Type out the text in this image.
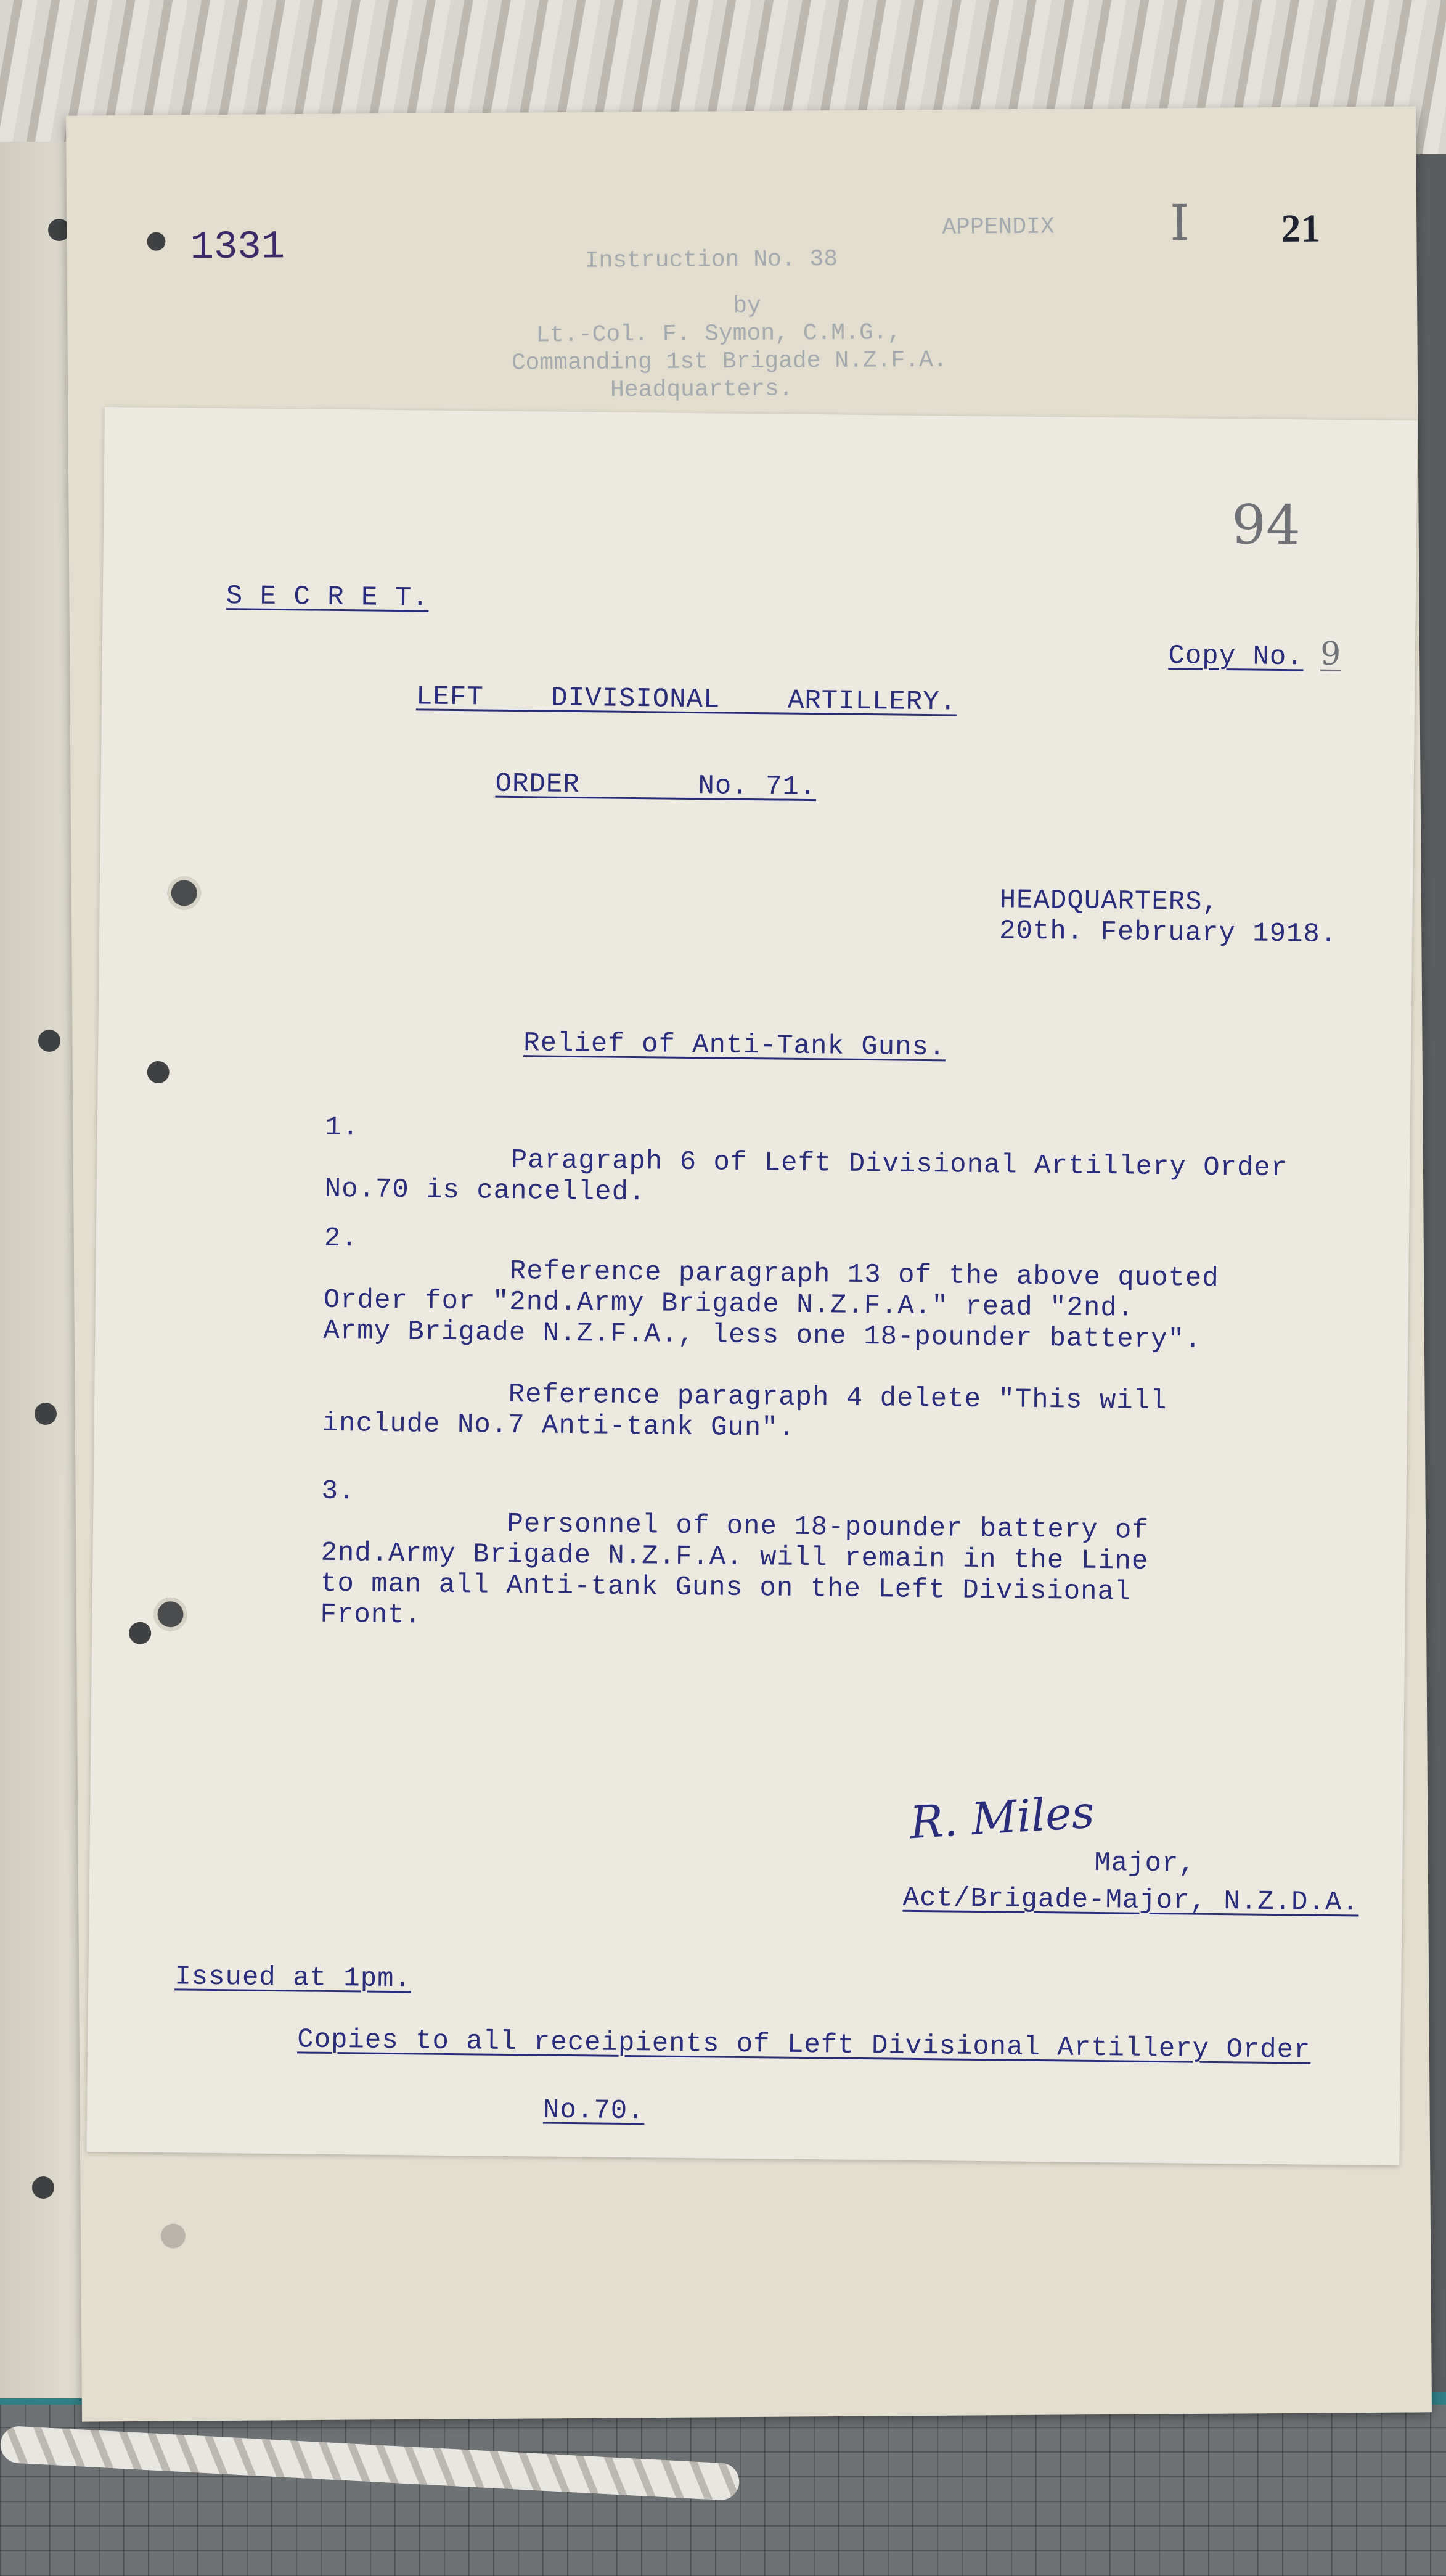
1331	21
APPENDIX I
Instruction No. 38
by
Lt.-Col. F. Symon, C.M.G.,
Commanding 1st Brigade N.Z.F.A.
Headquarters.
94
S E C R E T.

Copy No. 9

LEFT    DIVISIONAL    ARTILLERY.
ORDER       No. 71.
HEADQUARTERS,
20th. February 1918.
Relief of Anti-Tank Guns.
1.
Paragraph 6 of Left Divisional Artillery Order
No.70 is cancelled.
2.
Reference paragraph 13 of the above quoted
Order for "2nd.Army Brigade N.Z.F.A." read "2nd.
Army Brigade N.Z.F.A., less one 18-pounder battery".
Reference paragraph 4 delete "This will
include No.7 Anti-tank Gun".
3.
Personnel of one 18-pounder battery of
2nd.Army Brigade N.Z.F.A. will remain in the Line
to man all Anti-tank Guns on the Left Divisional
Front.
R. Miles
Major,
Act/Brigade-Major, N.Z.D.A.
Issued at 1pm.
Copies to all receipients of Left Divisional Artillery Order
No.70.
